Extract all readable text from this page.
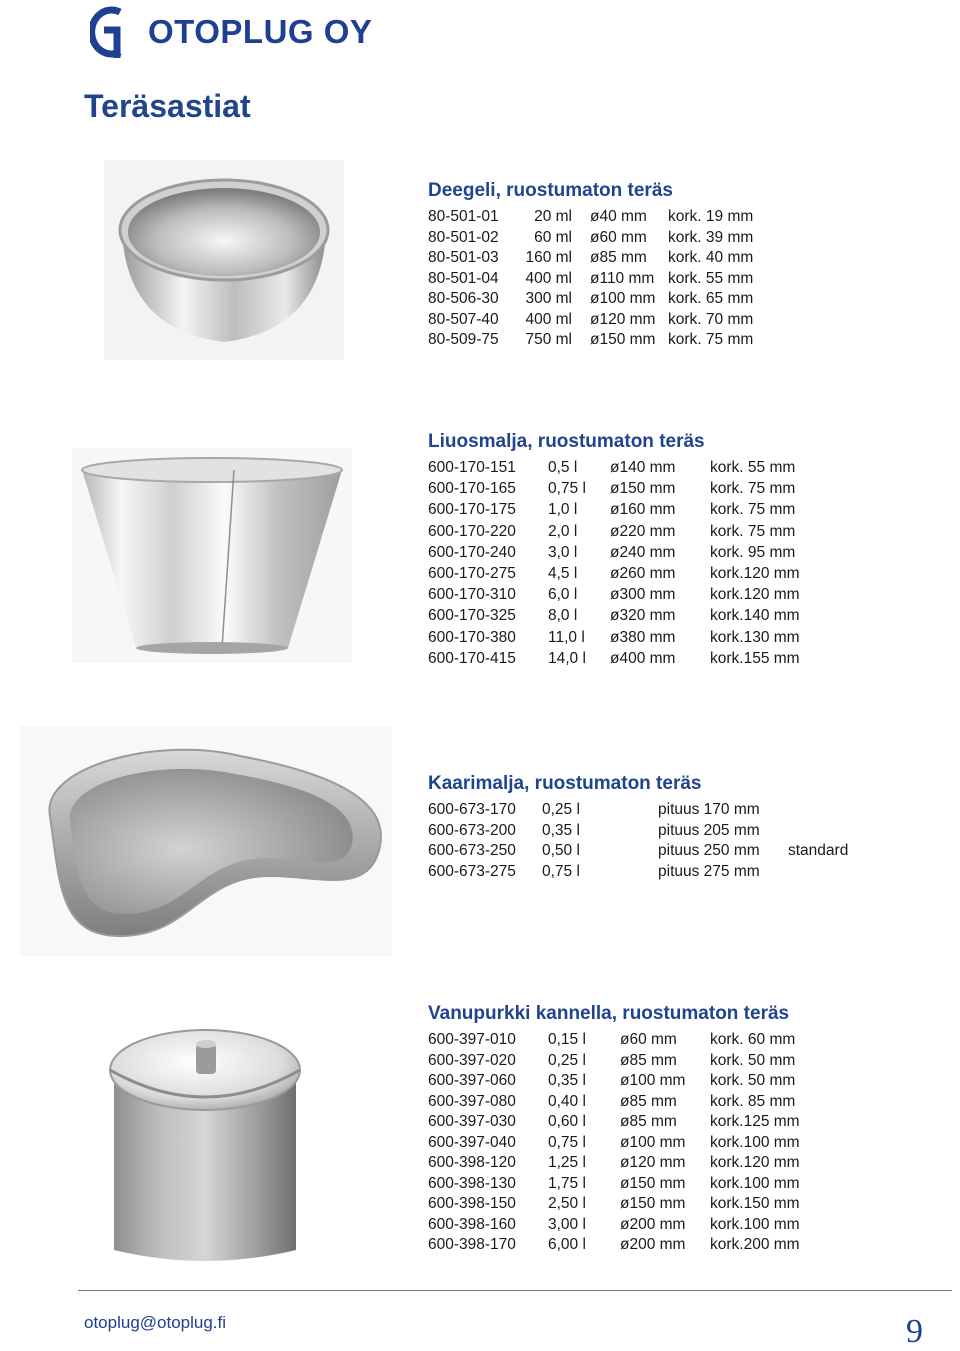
OTOPLUG OY
Teräsastiat
Deegeli, ruostumaton teräs
80-501-01	20 ml ø40 mm kork. 19 mm
80-501-02	60 ml ø60 mm kork. 39 mm
80-501-03	160 ml ø85 mm kork. 40 mm
80-501-04	400 ml ø110 mm kork. 55 mm
80-506-30	300 ml ø100 mm kork. 65 mm
80-507-40	400 ml ø120 mm kork. 70 mm
80-509-75	750 ml ø150 mm kork. 75 mm
Liuosmalja, ruostumaton teräs
600-170-151 0,5 l ø140 mm kork. 55 mm
600-170-165 0,75 l ø150 mm kork. 75 mm
600-170-175 1,0 l ø160 mm kork. 75 mm
600-170-220 2,0 l ø220 mm kork. 75 mm
600-170-240 3,0 l ø240 mm kork. 95 mm
600-170-275 4,5 l ø260 mm kork.120 mm
600-170-310 6,0 l ø300 mm kork.120 mm
600-170-325 8,0 l ø320 mm kork.140 mm
600-170-380 11,0 l ø380 mm kork.130 mm
600-170-415 14,0 l ø400 mm kork.155 mm
Kaarimalja, ruostumaton teräs
600-673-170 0,25 l	pituus 170 mm
600-673-200 0,35 l	pituus 205 mm
600-673-250 0,50 l	pituus 250 mm standard
600-673-275 0,75 l	pituus 275 mm
Vanupurkki kannella, ruostumaton teräs
600-397-010 0,15 l ø60 mm kork. 60 mm
600-397-020 0,25 l ø85 mm kork. 50 mm
600-397-060 0,35 l ø100 mm kork. 50 mm
600-397-080 0,40 l ø85 mm kork. 85 mm
600-397-030 0,60 l ø85 mm kork.125 mm
600-397-040 0,75 l ø100 mm kork.100 mm
600-398-120 1,25 l ø120 mm kork.120 mm
600-398-130 1,75 l ø150 mm kork.100 mm
600-398-150 2,50 l ø150 mm kork.150 mm
600-398-160 3,00 l ø200 mm kork.100 mm
600-398-170 6,00 l ø200 mm kork.200 mm
otoplug@otoplug.fi	9
